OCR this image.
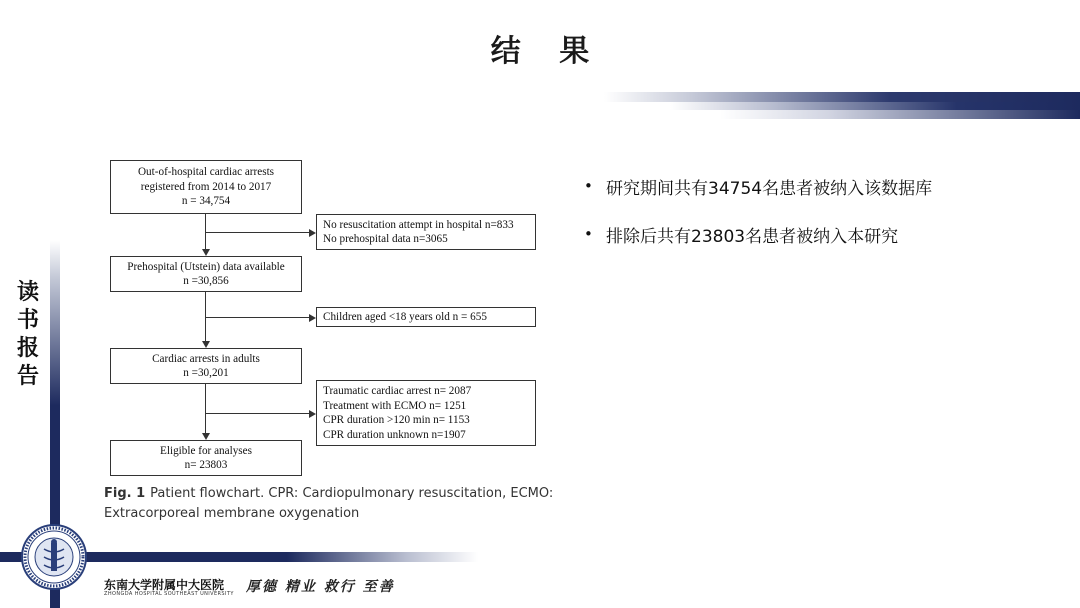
结 果
读
书
报
告
Out-of-hospital cardiac arrests
registered from 2014 to 2017
n = 34,754
Prehospital (Utstein) data available
n =30,856
Cardiac arrests in adults
n =30,201
Eligible for analyses
n= 23803
No resuscitation attempt in hospital n=833
No prehospital data n=3065
Children aged <18 years old n = 655
Traumatic cardiac arrest n= 2087
Treatment with ECMO n= 1251
CPR duration >120 min n= 1153
CPR duration unknown n=1907
Fig. 1 Patient flowchart. CPR: Cardiopulmonary resuscitation, ECMO: Extracorporeal membrane oxygenation
• 研究期间共有34754名患者被纳入该数据库
• 排除后共有23803名患者被纳入本研究
东南大学附属中大医院
ZHONGDA HOSPITAL SOUTHEAST UNIVERSITY 厚德 精业 救行 至善
